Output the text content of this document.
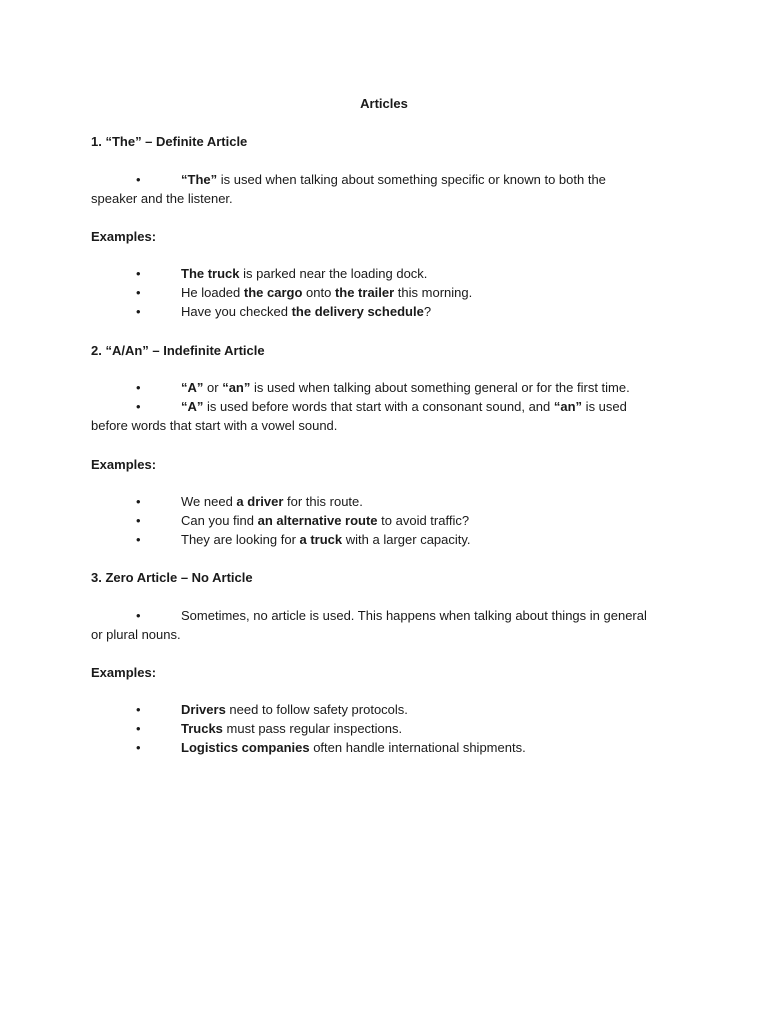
Articles
1. “The” – Definite Article
•	“The” is used when talking about something specific or known to both the
speaker and the listener.
Examples:
•	The truck is parked near the loading dock.
•	He loaded the cargo onto the trailer this morning.
•	Have you checked the delivery schedule?
2. “A/An” – Indefinite Article
•	“A” or “an” is used when talking about something general or for the first time.
•	“A” is used before words that start with a consonant sound, and “an” is used
before words that start with a vowel sound.
Examples:
•	We need a driver for this route.
•	Can you find an alternative route to avoid traffic?
•	They are looking for a truck with a larger capacity.
3. Zero Article – No Article
•	Sometimes, no article is used. This happens when talking about things in general
or plural nouns.
Examples:
•	Drivers need to follow safety protocols.
•	Trucks must pass regular inspections.
•	Logistics companies often handle international shipments.
